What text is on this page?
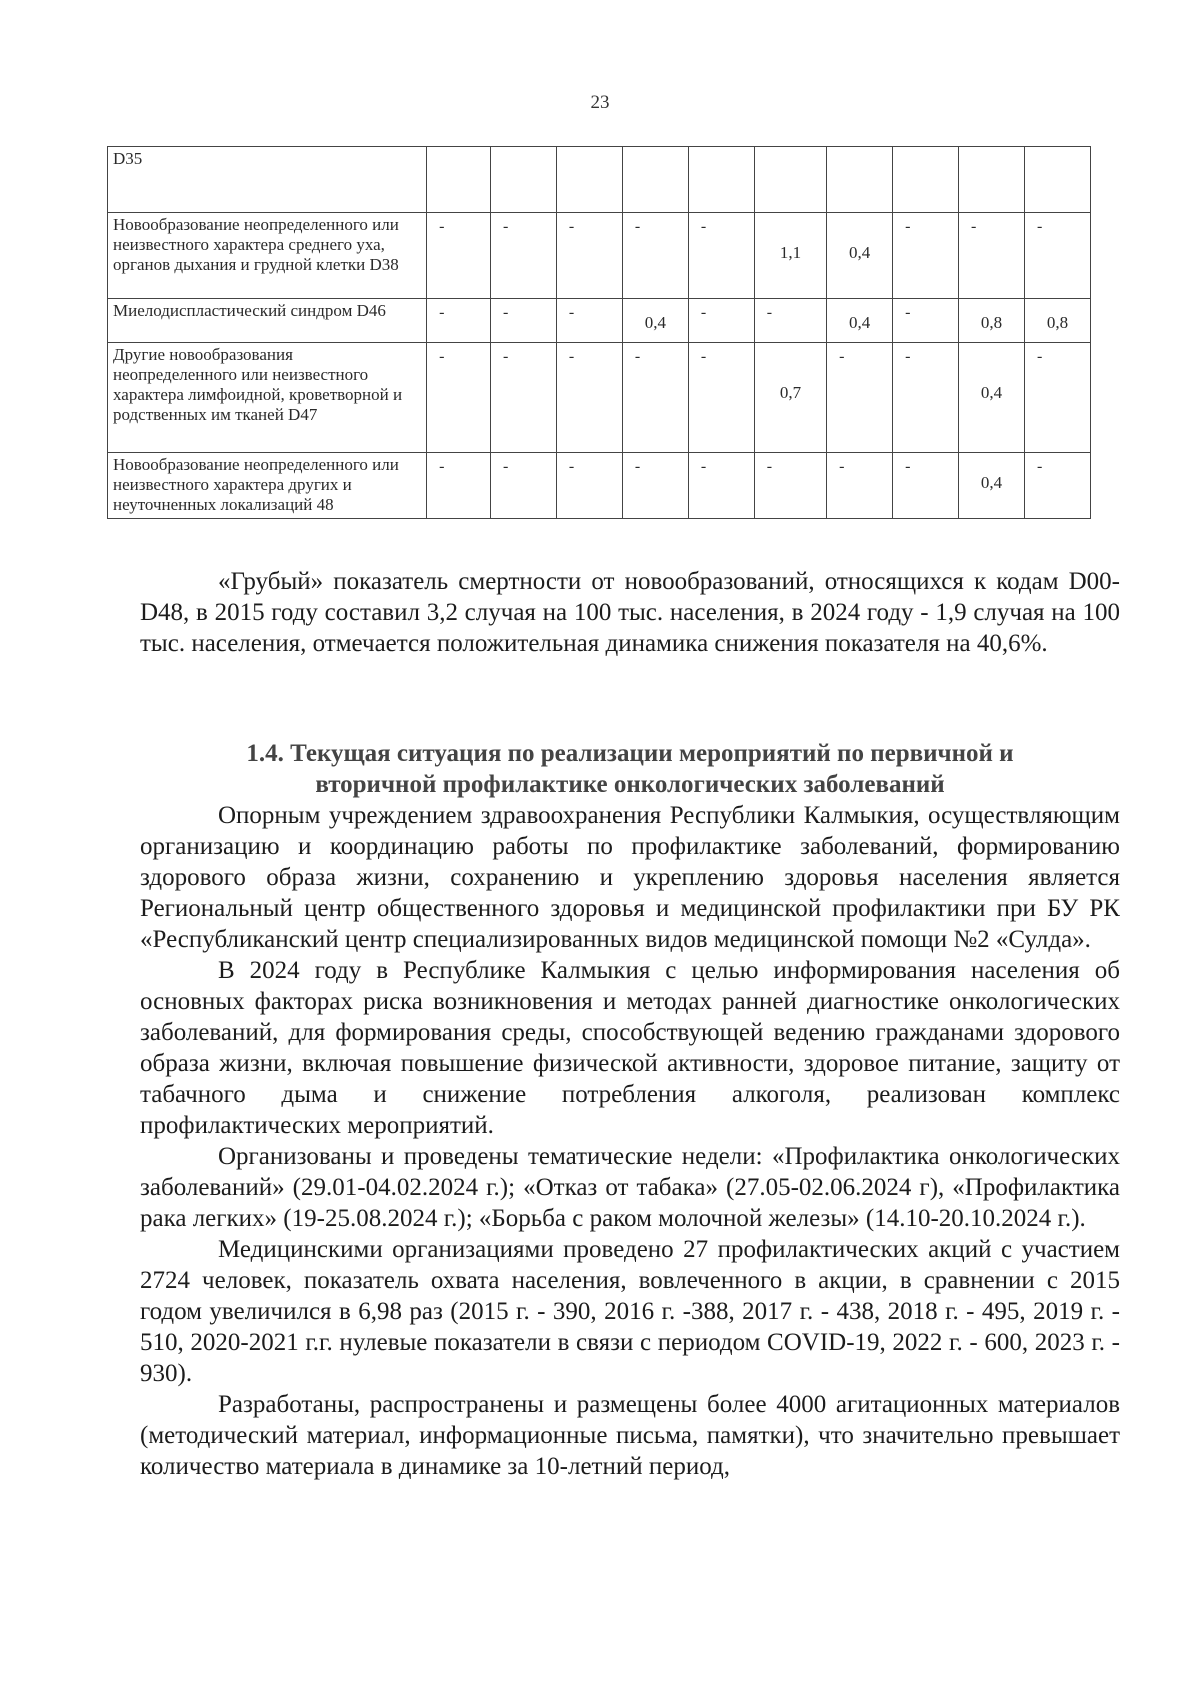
23
D35										
Новообразование неопределенного или неизвестного характера среднего уха, органов дыхания и грудной клетки D38	-	-	-	-	-	1,1	0,4	-	-	-

Миелодиспластический синдром D46	-	-	-	0,4	-	-	0,4	-	0,8	0,8

Другие новообразования неопределенного или неизвестного характера лимфоидной, кроветворной и родственных им тканей D47	-	-	-	-	-	0,7	-	-	0,4	-

Новообразование неопределенного или неизвестного характера других и неуточненных локализаций 48	-	-	-	-	-	-	-	-	0,4	-

«Грубый» показатель смертности от новообразований, относящихся к кодам D00-D48, в 2015 году составил 3,2 случая на 100 тыс. населения, в 2024 году - 1,9 случая на 100 тыс. населения, отмечается положительная динамика снижения показателя на 40,6%.

1.4. Текущая ситуация по реализации мероприятий по первичной и
вторичной профилактике онкологических заболеваний

Опорным учреждением здравоохранения Республики Калмыкия, осуществляющим организацию и координацию работы по профилактике заболеваний, формированию здорового образа жизни, сохранению и укреплению здоровья населения является Региональный центр общественного здоровья и медицинской профилактики при БУ РК «Республиканский центр специализированных видов медицинской помощи №2 «Сулда».

В 2024 году в Республике Калмыкия с целью информирования населения об основных факторах риска возникновения и методах ранней диагностике онкологических заболеваний, для формирования среды, способствующей ведению гражданами здорового образа жизни, включая повышение физической активности, здоровое питание, защиту от табачного дыма и снижение потребления алкоголя, реализован комплекс профилактических мероприятий.

Организованы и проведены тематические недели: «Профилактика онкологических заболеваний» (29.01-04.02.2024 г.); «Отказ от табака» (27.05-02.06.2024 г), «Профилактика рака легких» (19-25.08.2024 г.); «Борьба с раком молочной железы» (14.10-20.10.2024 г.).

Медицинскими организациями проведено 27 профилактических акций с участием 2724 человек, показатель охвата населения, вовлеченного в акции, в сравнении с 2015 годом увеличился в 6,98 раз (2015 г. - 390, 2016 г. -388, 2017 г. - 438, 2018 г. - 495, 2019 г. - 510, 2020-2021 г.г. нулевые показатели в связи с периодом COVID-19, 2022 г. - 600, 2023 г. - 930).

Разработаны, распространены и размещены более 4000 агитационных материалов (методический материал, информационные письма, памятки), что значительно превышает количество материала в динамике за 10-летний период,
